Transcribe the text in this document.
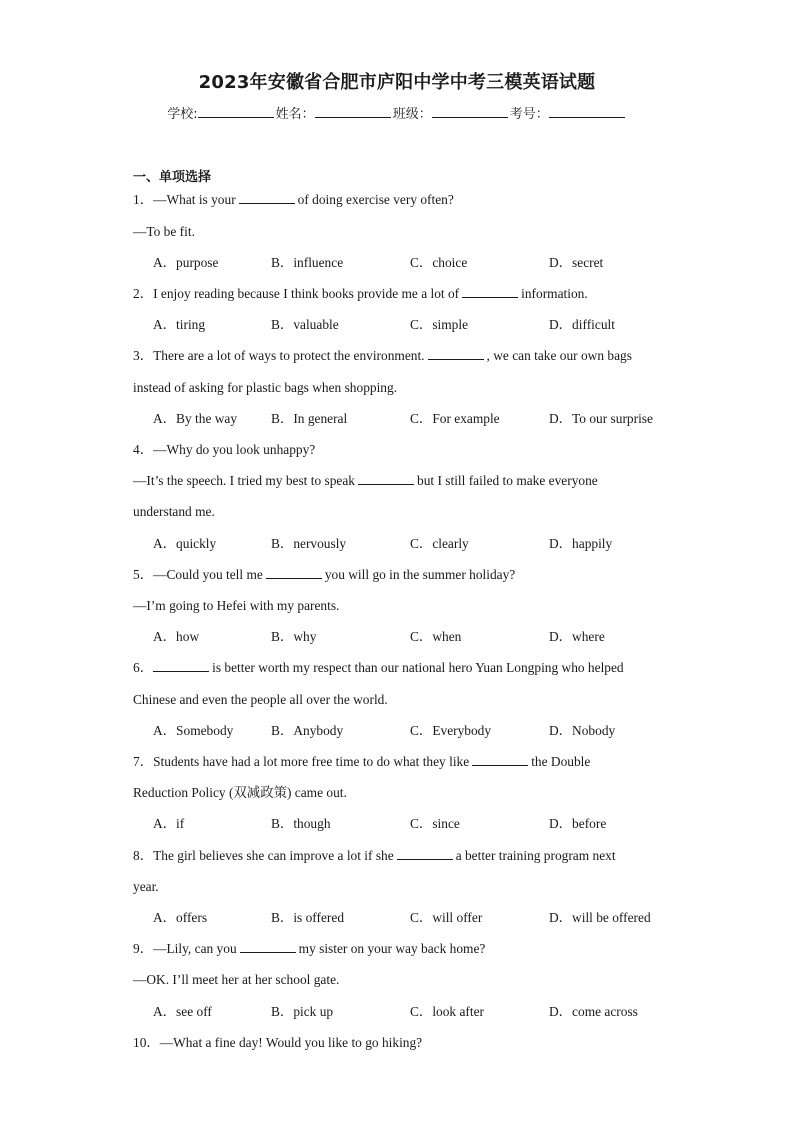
2023年安徽省合肥市庐阳中学中考三模英语试题
学校:	姓名：	班级：	考号：
一、单项选择
1．—What is your	of doing exercise very often?
—To be fit.
A．purpose	B．influence	C．choice	D．secret
2．I enjoy reading because I think books provide me a lot of	information.
A．tiring	B．valuable	C．simple	D．difficult
3．There are a lot of ways to protect the environment.	, we can take our own bags
instead of asking for plastic bags when shopping.
A．By the way	B．In general	C．For example	D．To our surprise
4．—Why do you look unhappy?
—It’s the speech. I tried my best to speak	but I still failed to make everyone
understand me.
A．quickly	B．nervously	C．clearly	D．happily
5．—Could you tell me	you will go in the summer holiday?
—I’m going to Hefei with my parents.
A．how	B．why	C．when	D．where
6．	is better worth my respect than our national hero Yuan Longping who helped
Chinese and even the people all over the world.
A．Somebody	B．Anybody	C．Everybody	D．Nobody
7．Students have had a lot more free time to do what they like	the Double
Reduction Policy (双减政策) came out.
A．if	B．though	C．since	D．before
8．The girl believes she can improve a lot if she	a better training program next
year.
A．offers	B．is offered	C．will offer	D．will be offered
9．—Lily, can you	my sister on your way back home?
—OK. I’ll meet her at her school gate.
A．see off	B．pick up	C．look after	D．come across
10．—What a fine day! Would you like to go hiking?
